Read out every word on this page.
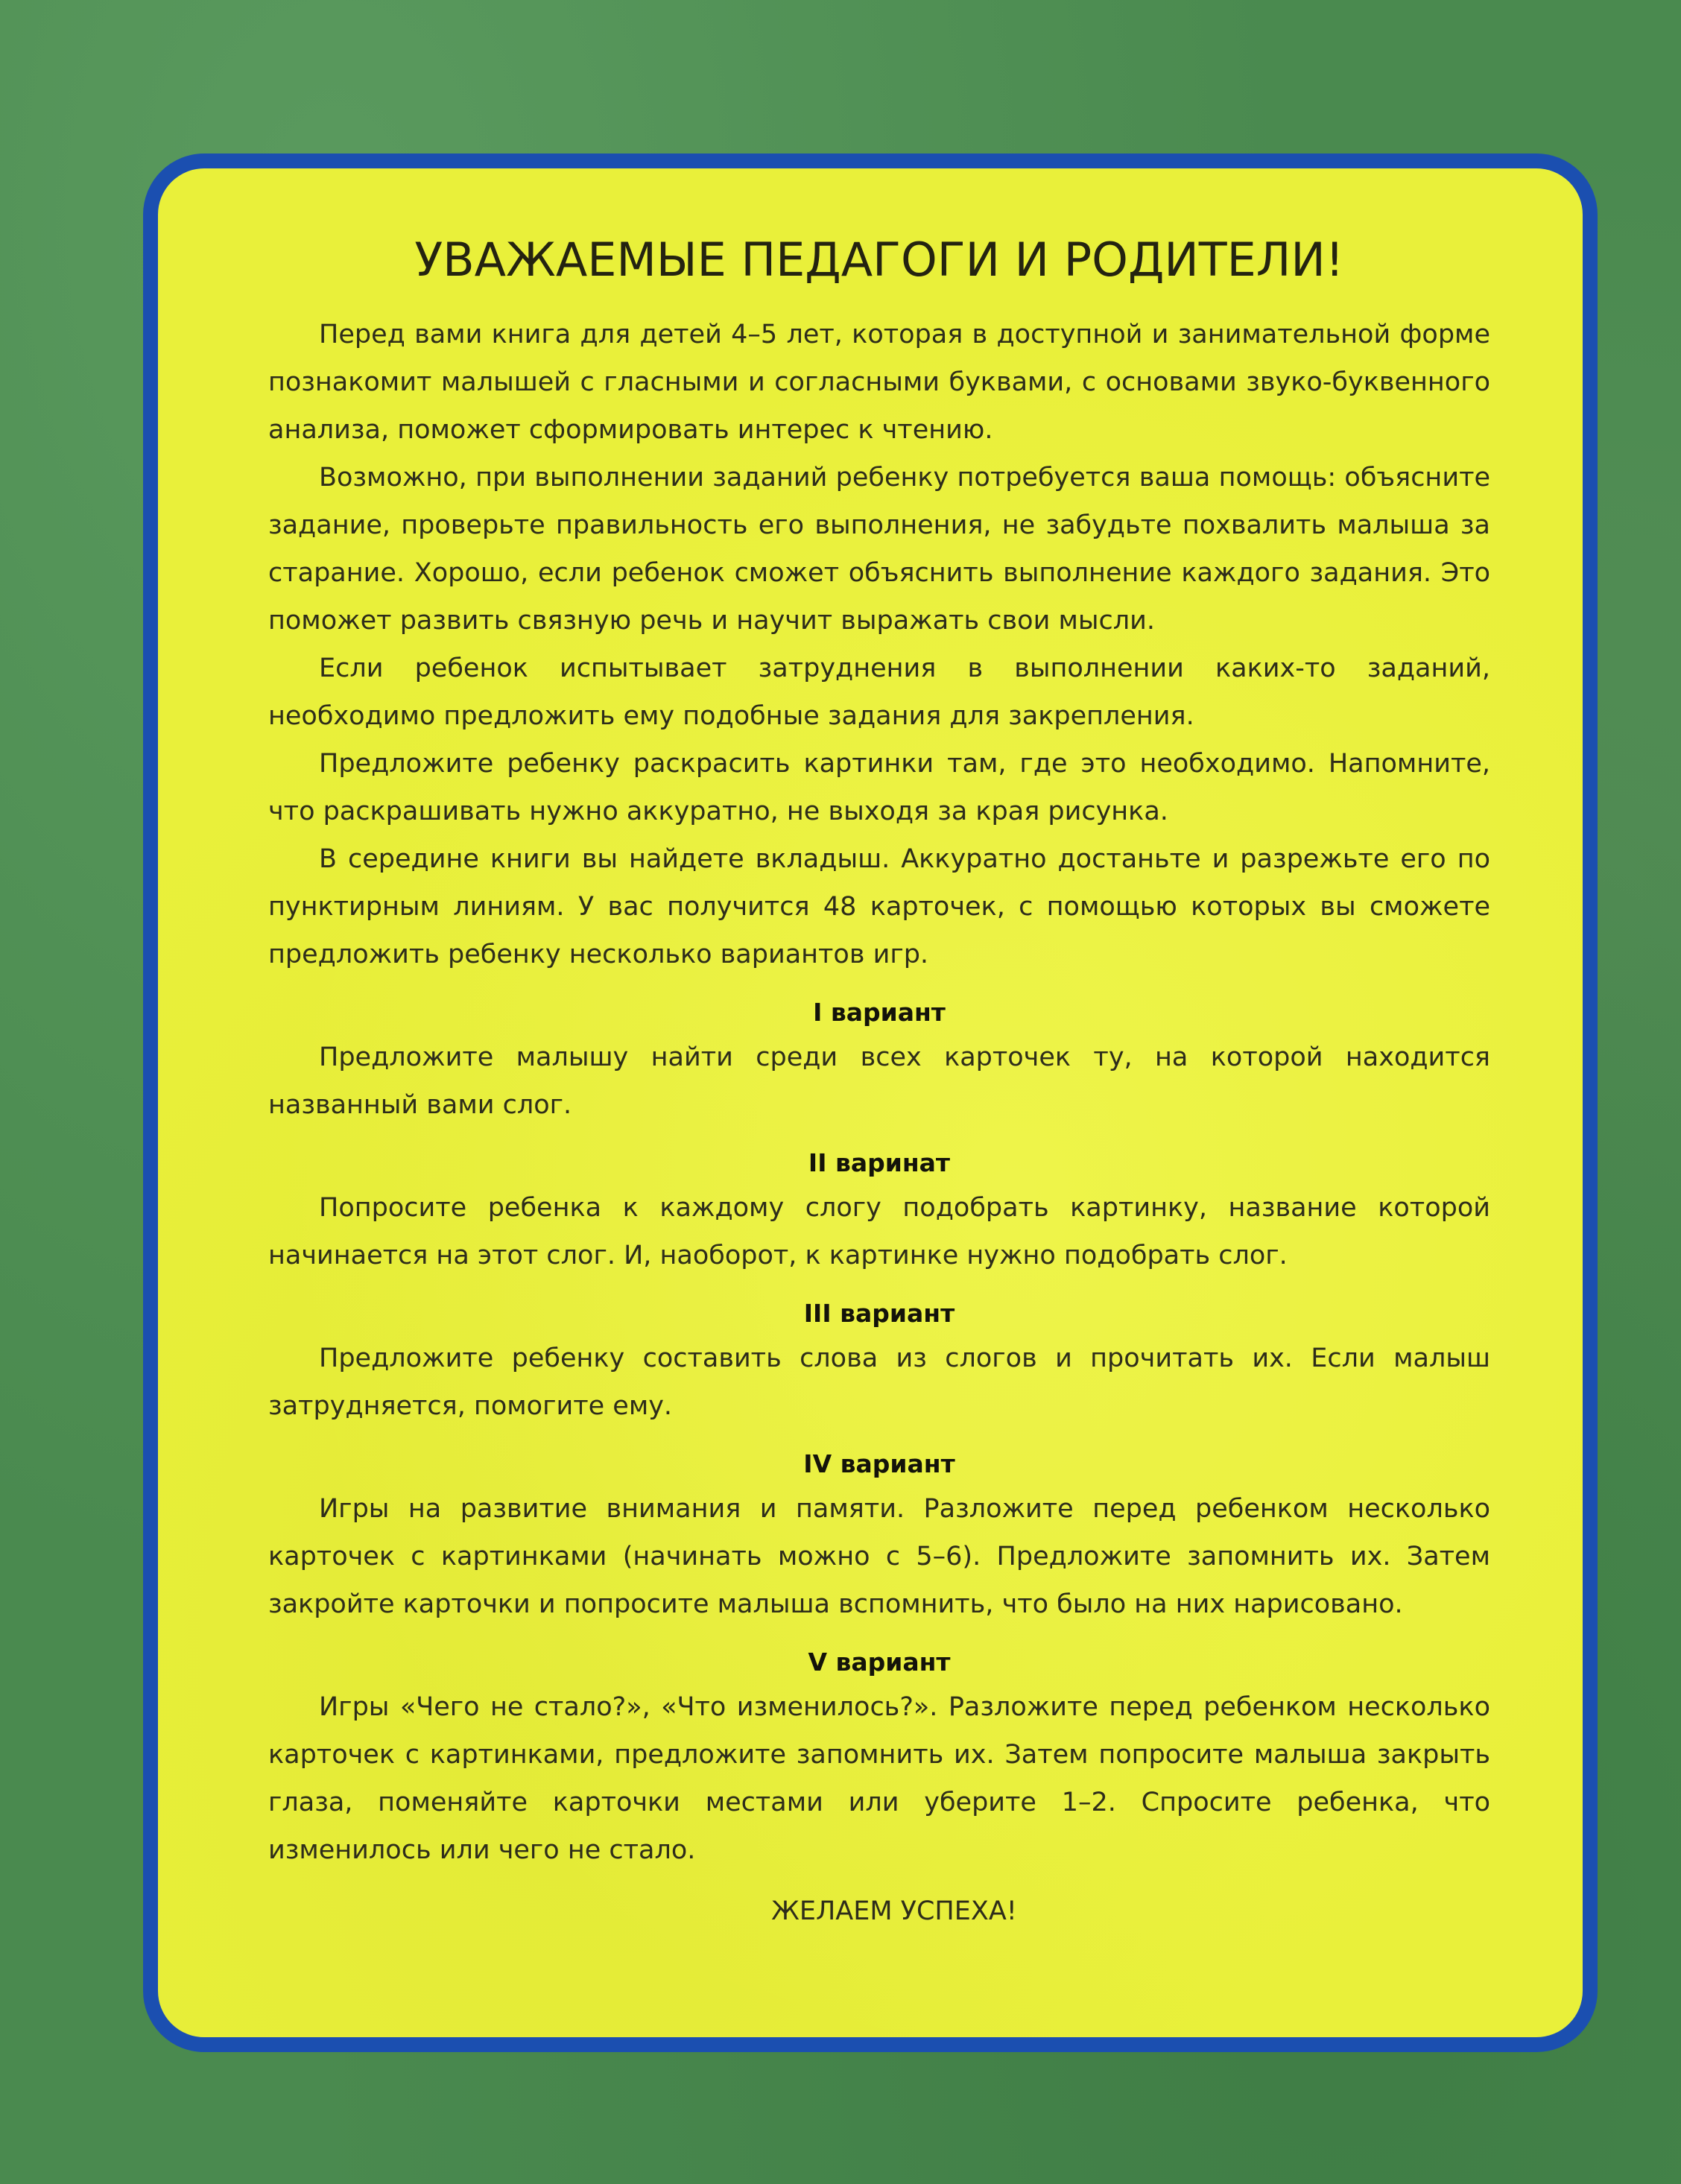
УВАЖАЕМЫЕ ПЕДАГОГИ И РОДИТЕЛИ!

Перед вами книга для детей 4–5 лет, которая в доступной и занимательной форме познакомит малышей с гласными и согласными буквами, с основами звуко-буквенного анализа, поможет сформировать интерес к чтению.

Возможно, при выполнении заданий ребенку потребуется ваша помощь: объясните задание, проверьте правильность его выполнения, не забудьте похвалить малыша за старание. Хорошо, если ребенок сможет объяснить выполнение каждого задания. Это поможет развить связную речь и научит выражать свои мысли.

Если ребенок испытывает затруднения в выполнении каких-то заданий, необходимо предложить ему подобные задания для закрепления.

Предложите ребенку раскрасить картинки там, где это необходимо. Напомните, что раскрашивать нужно аккуратно, не выходя за края рисунка.

В середине книги вы найдете вкладыш. Аккуратно достаньте и разрежьте его по пунктирным линиям. У вас получится 48 карточек, с помощью которых вы сможете предложить ребенку несколько вариантов игр.

I вариант

Предложите малышу найти среди всех карточек ту, на которой находится названный вами слог.

II варинат

Попросите ребенка к каждому слогу подобрать картинку, название которой начинается на этот слог. И, наоборот, к картинке нужно подобрать слог.

III вариант

Предложите ребенку составить слова из слогов и прочитать их. Если малыш затрудняется, помогите ему.

IV вариант

Игры на развитие внимания и памяти. Разложите перед ребенком несколько карточек с картинками (начинать можно с 5–6). Предложите запомнить их. Затем закройте карточки и попросите малыша вспомнить, что было на них нарисовано.

V вариант

Игры «Чего не стало?», «Что изменилось?». Разложите перед ребенком несколько карточек с картинками, предложите запомнить их. Затем попросите малыша закрыть глаза, поменяйте карточки местами или уберите 1–2. Спросите ребенка, что изменилось или чего не стало.

ЖЕЛАЕМ УСПЕХА!
